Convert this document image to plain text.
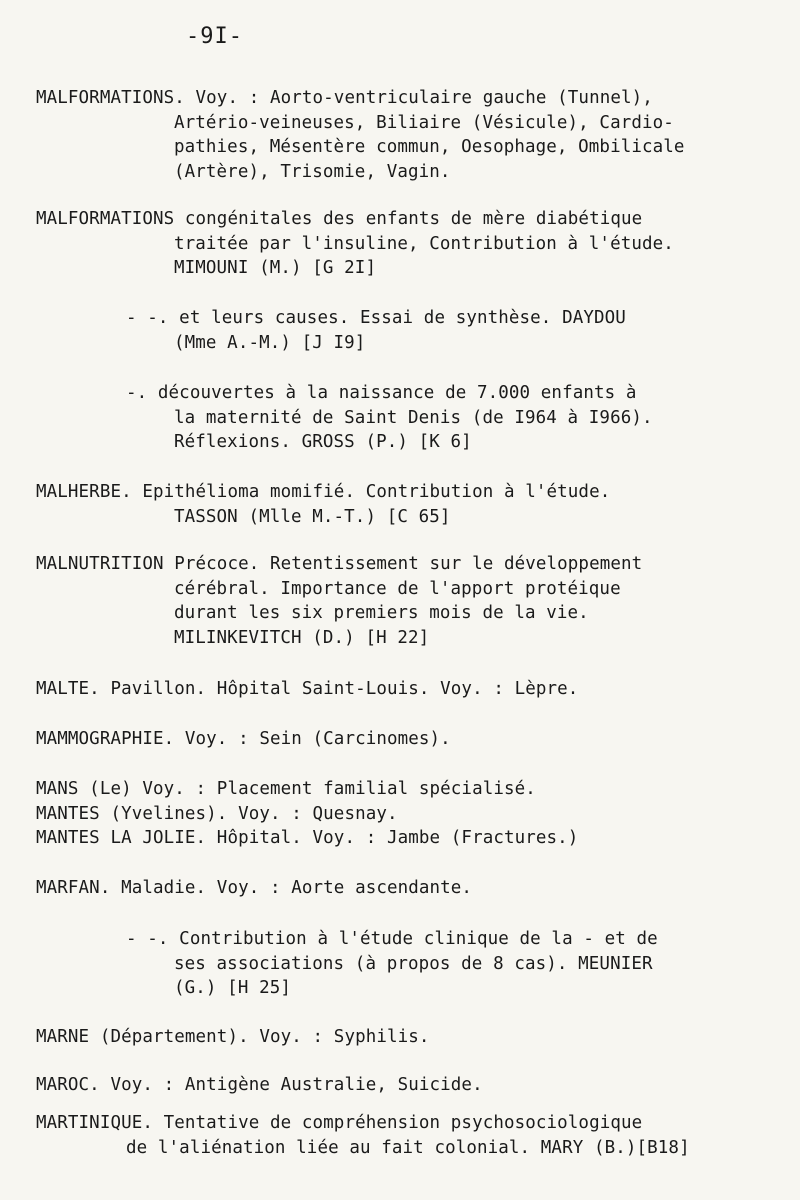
-9I-
MALFORMATIONS. Voy. : Aorto-ventriculaire gauche (Tunnel),
Artério-veineuses, Biliaire (Vésicule), Cardio-
pathies, Mésentère commun, Oesophage, Ombilicale
(Artère), Trisomie, Vagin.
MALFORMATIONS congénitales des enfants de mère diabétique
traitée par l'insuline, Contribution à l'étude.
MIMOUNI (M.) [G 2I]
- -. et leurs causes. Essai de synthèse. DAYDOU
(Mme A.-M.) [J I9]
-. découvertes à la naissance de 7.000 enfants à
la maternité de Saint Denis (de I964 à I966).
Réflexions. GROSS (P.) [K 6]
MALHERBE. Epithélioma momifié. Contribution à l'étude.
TASSON (Mlle M.-T.) [C 65]
MALNUTRITION Précoce. Retentissement sur le développement
cérébral. Importance de l'apport protéique
durant les six premiers mois de la vie.
MILINKEVITCH (D.) [H 22]
MALTE. Pavillon. Hôpital Saint-Louis. Voy. : Lèpre.
MAMMOGRAPHIE. Voy. : Sein (Carcinomes).
MANS (Le) Voy. : Placement familial spécialisé.
MANTES (Yvelines). Voy. : Quesnay.
MANTES LA JOLIE. Hôpital. Voy. : Jambe (Fractures.)
MARFAN. Maladie. Voy. : Aorte ascendante.
- -. Contribution à l'étude clinique de la - et de
ses associations (à propos de 8 cas). MEUNIER
(G.) [H 25]
MARNE (Département). Voy. : Syphilis.
MAROC. Voy. : Antigène Australie, Suicide.
MARTINIQUE. Tentative de compréhension psychosociologique
de l'aliénation liée au fait colonial. MARY (B.)[B18]
